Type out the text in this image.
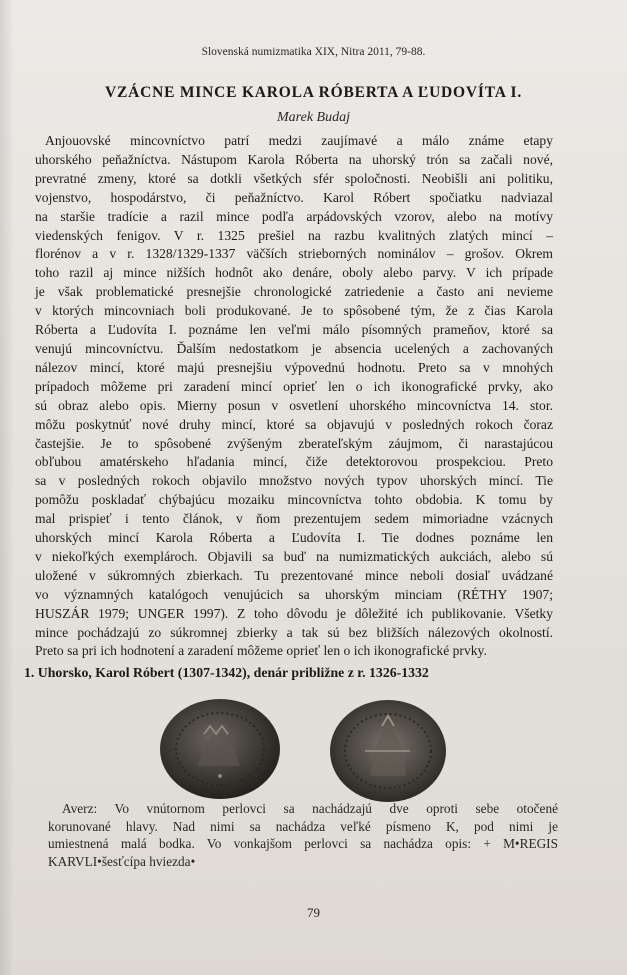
Slovenská numizmatika XIX, Nitra 2011, 79-88.
VZÁCNE MINCE KAROLA RÓBERTA A ĽUDOVÍTA I.
Marek Budaj
Anjouovské mincovníctvo patrí medzi zaujímavé a málo známe etapy
uhorského peňažníctva. Nástupom Karola Róberta na uhorský trón sa začali nové,
prevratné zmeny, ktoré sa dotkli všetkých sfér spoločnosti. Neobišli ani politiku,
vojenstvo, hospodárstvo, či peňažníctvo. Karol Róbert spočiatku nadviazal
na staršie tradície a razil mince podľa arpádovských vzorov, alebo na motívy
viedenských fenigov. V r. 1325 prešiel na razbu kvalitných zlatých mincí –
florénov a v r. 1328/1329-1337 väčších strieborných nominálov – grošov. Okrem
toho razil aj mince nižších hodnôt ako denáre, oboly alebo parvy. V ich prípade
je však problematické presnejšie chronologické zatriedenie a často ani nevieme
v ktorých mincovniach boli produkované. Je to spôsobené tým, že z čias Karola
Róberta a Ľudovíta I. poznáme len veľmi málo písomných prameňov, ktoré sa
venujú mincovníctvu. Ďalším nedostatkom je absencia ucelených a zachovaných
nálezov mincí, ktoré majú presnejšiu výpovednú hodnotu. Preto sa v mnohých
prípadoch môžeme pri zaradení mincí oprieť len o ich ikonografické prvky, ako
sú obraz alebo opis. Mierny posun v osvetlení uhorského mincovníctva 14. stor.
môžu poskytnúť nové druhy mincí, ktoré sa objavujú v posledných rokoch čoraz
častejšie. Je to spôsobené zvýšeným zberateľským záujmom, či narastajúcou
obľubou amatérskeho hľadania mincí, čiže detektorovou prospekciou. Preto
sa v posledných rokoch objavilo množstvo nových typov uhorských mincí. Tie
pomôžu poskladať chýbajúcu mozaiku mincovníctva tohto obdobia. K tomu by
mal prispieť i tento článok, v ňom prezentujem sedem mimoriadne vzácnych
uhorských mincí Karola Róberta a Ľudovíta I. Tie dodnes poznáme len
v niekoľkých exemplároch. Objavili sa buď na numizmatických aukciách, alebo sú
uložené v súkromných zbierkach. Tu prezentované mince neboli dosiaľ uvádzané
vo významných katalógoch venujúcich sa uhorským minciam (RÉTHY 1907;
HUSZÁR 1979; UNGER 1997). Z toho dôvodu je dôležité ich publikovanie. Všetky
mince pochádzajú zo súkromnej zbierky a tak sú bez bližších nálezových okolností.
Preto sa pri ich hodnotení a zaradení môžeme oprieť len o ich ikonografické prvky.
1. Uhorsko, Karol Róbert (1307-1342), denár približne z r. 1326-1332
Averz: Vo vnútornom perlovci sa nachádzajú dve oproti sebe otočené
korunované hlavy. Nad nimi sa nachádza veľké písmeno K, pod nimi je
umiestnená malá bodka. Vo vonkajšom perlovci sa nachádza opis: + M•REGIS
KARVLI•šesťcípa hviezda•
79
